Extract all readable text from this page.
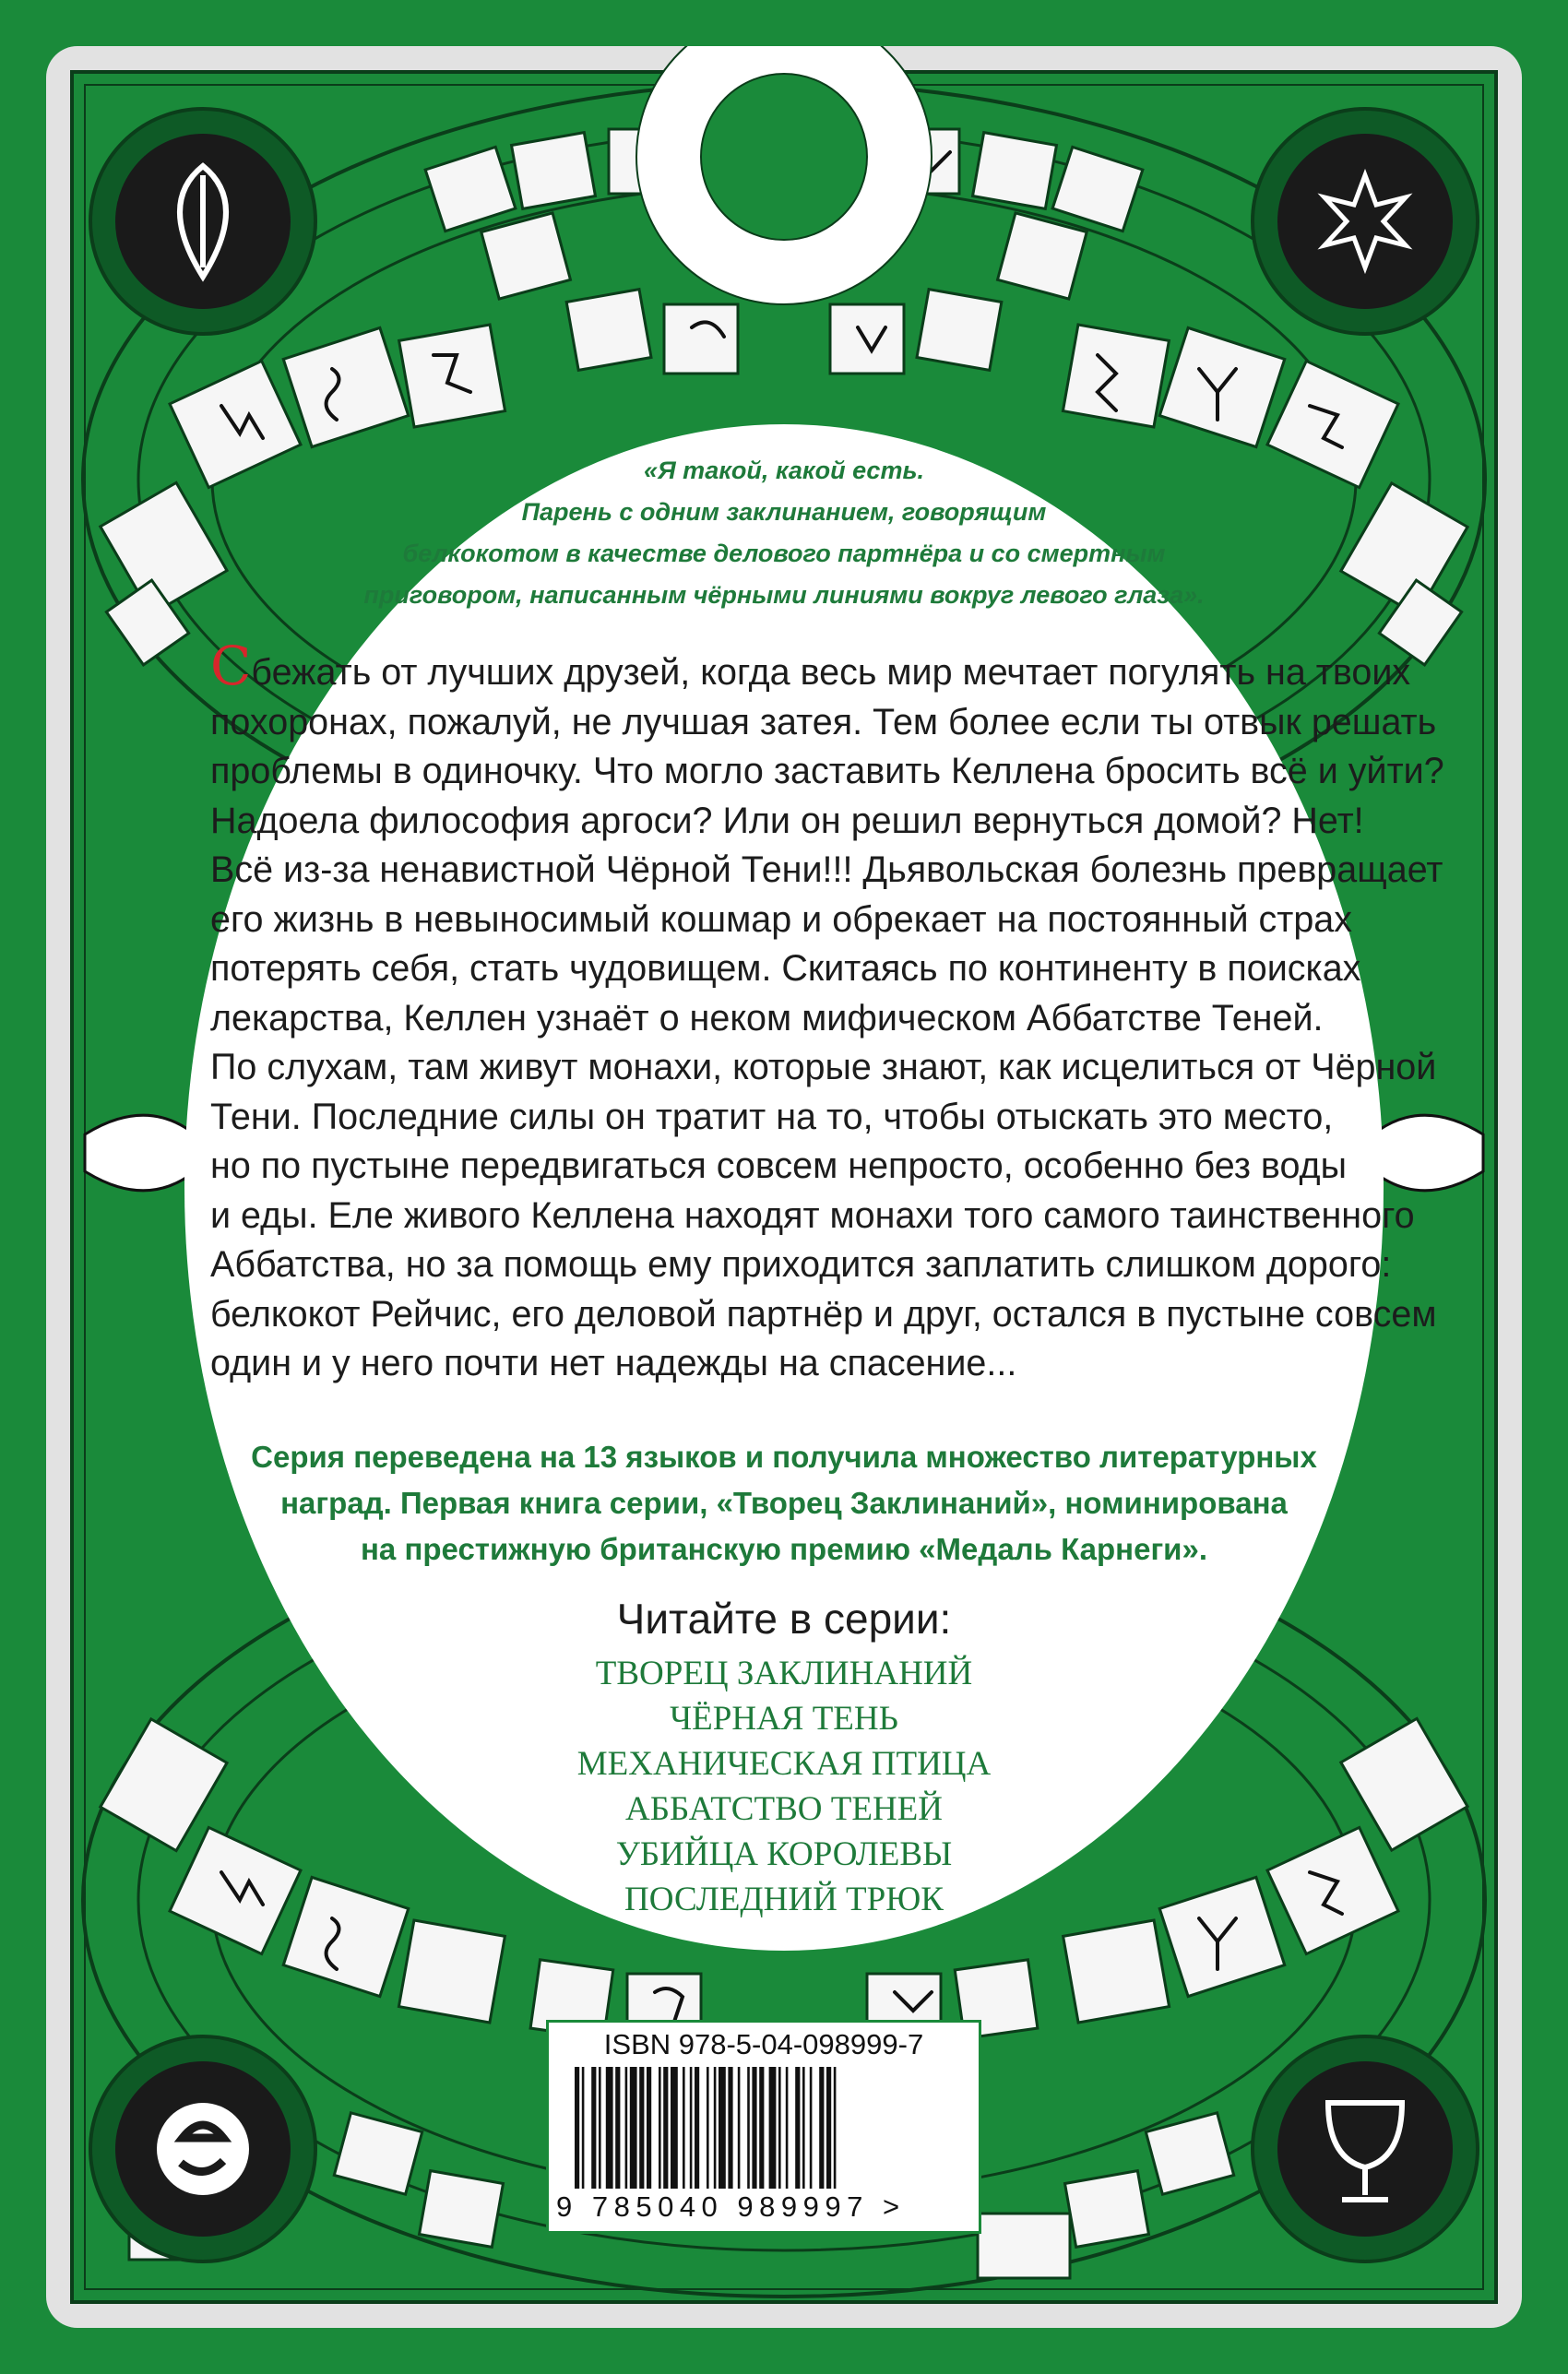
«Я такой, какой есть.
Парень с одним заклинанием, говорящим
белкокотом в качестве делового партнёра и со смертным
приговором, написанным чёрными линиями вокруг левого глаза».
Сбежать от лучших друзей, когда весь мир мечтает погулять на твоих
похоронах, пожалуй, не лучшая затея. Тем более если ты отвык решать
проблемы в одиночку. Что могло заставить Келлена бросить всё и уйти?
Надоела философия аргоси? Или он решил вернуться домой? Нет!
Всё из-за ненавистной Чёрной Тени!!! Дьявольская болезнь превращает
его жизнь в невыносимый кошмар и обрекает на постоянный страх
потерять себя, стать чудовищем. Скитаясь по континенту в поисках
лекарства, Келлен узнаёт о неком мифическом Аббатстве Теней.
По слухам, там живут монахи, которые знают, как исцелиться от Чёрной
Тени. Последние силы он тратит на то, чтобы отыскать это место,
но по пустыне передвигаться совсем непросто, особенно без воды
и еды. Еле живого Келлена находят монахи того самого таинственного
Аббатства, но за помощь ему приходится заплатить слишком дорого:
белкокот Рейчис, его деловой партнёр и друг, остался в пустыне совсем
один и у него почти нет надежды на спасение...
Серия переведена на 13 языков и получила множество литературных
наград. Первая книга серии, «Творец Заклинаний», номинирована
на престижную британскую премию «Медаль Карнеги».
Читайте в серии:
ТВОРЕЦ ЗАКЛИНАНИЙ
ЧЁРНАЯ ТЕНЬ
МЕХАНИЧЕСКАЯ ПТИЦА
АББАТСТВО ТЕНЕЙ
УБИЙЦА КОРОЛЕВЫ
ПОСЛЕДНИЙ ТРЮК
ISBN 978-5-04-098999-7
9 785040 989997 >
